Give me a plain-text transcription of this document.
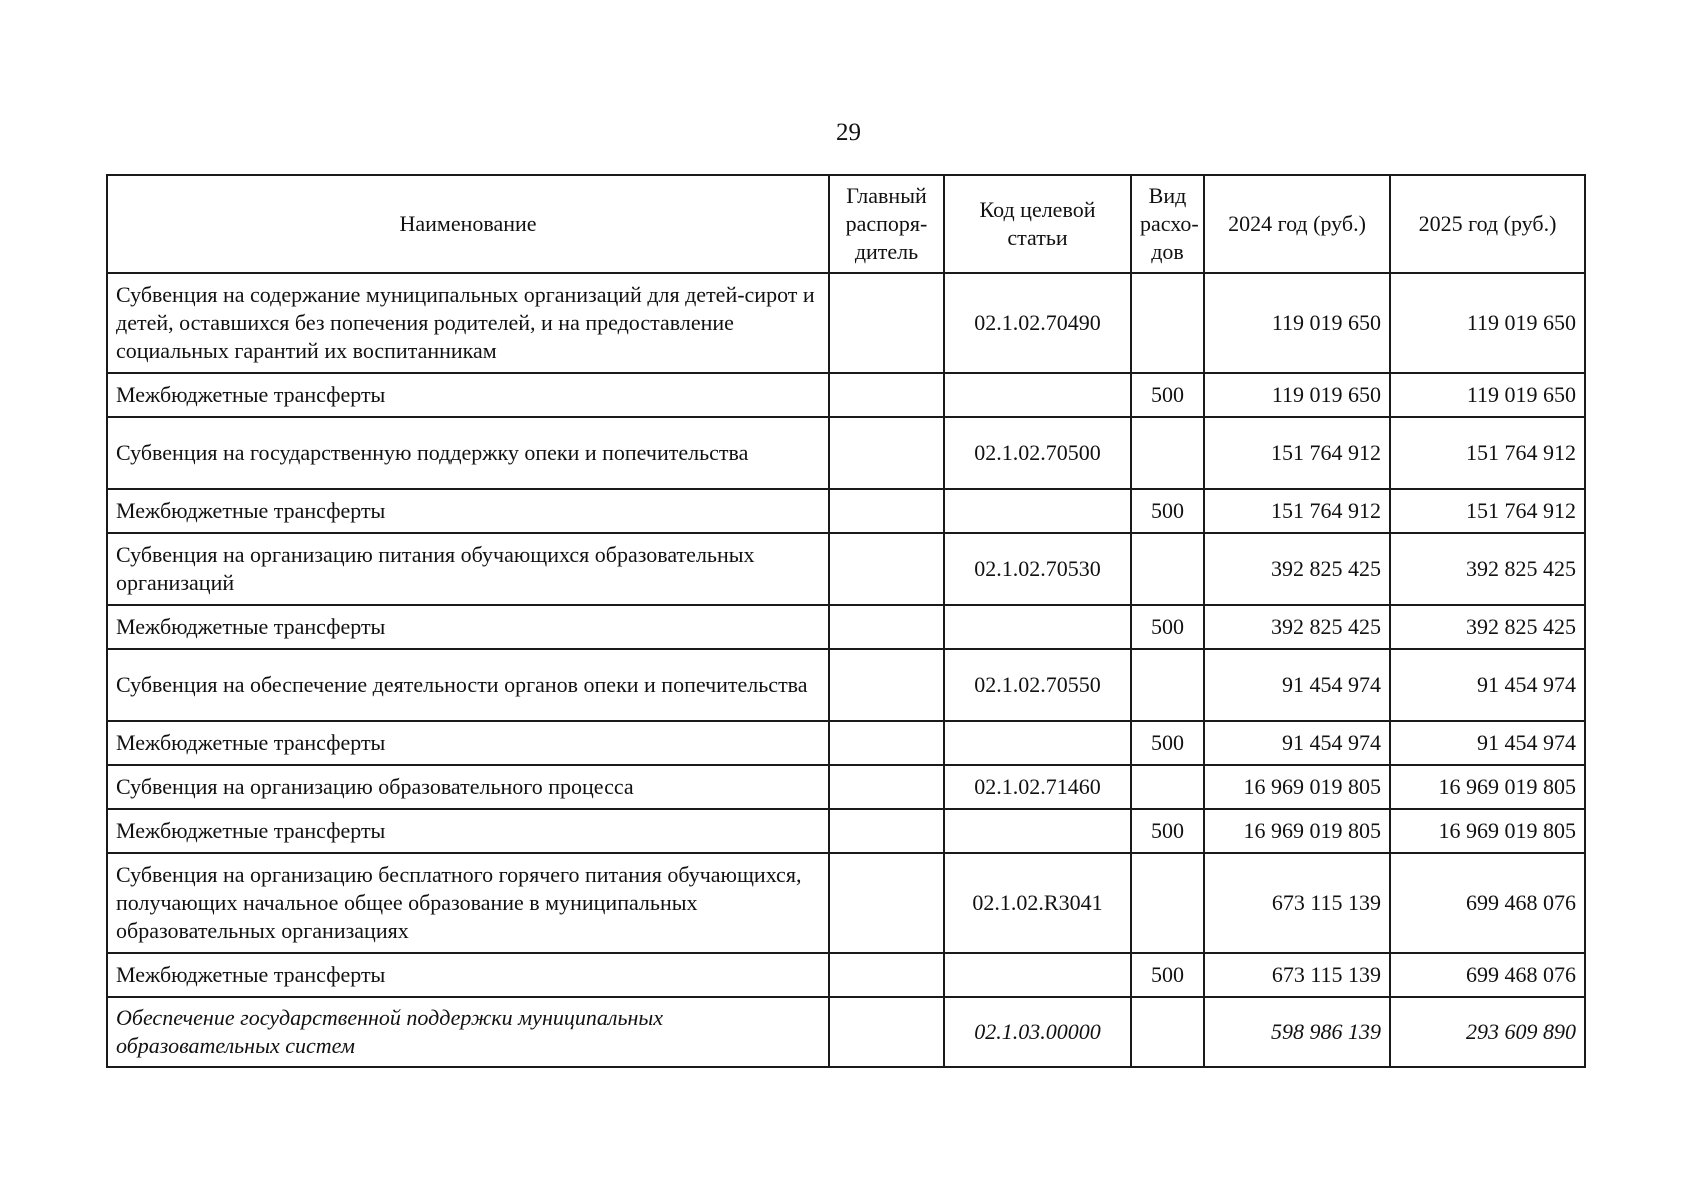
29
Наименование	Главный распоря-дитель	Код целевой статьи	Вид расхо-дов	2024 год (руб.)	2025 год (руб.)
Субвенция на содержание муниципальных организаций для детей-сирот и детей, оставшихся без попечения родителей, и на предоставление социальных гарантий их воспитанникам		02.1.02.70490		119 019 650	119 019 650
Межбюджетные трансферты			500	119 019 650	119 019 650
Субвенция на государственную поддержку опеки и попечительства		02.1.02.70500		151 764 912	151 764 912
Межбюджетные трансферты			500	151 764 912	151 764 912
Субвенция на организацию питания обучающихся образовательных организаций		02.1.02.70530		392 825 425	392 825 425
Межбюджетные трансферты			500	392 825 425	392 825 425
Субвенция на обеспечение деятельности органов опеки и попечительства		02.1.02.70550		91 454 974	91 454 974
Межбюджетные трансферты			500	91 454 974	91 454 974
Субвенция на организацию образовательного процесса		02.1.02.71460		16 969 019 805	16 969 019 805
Межбюджетные трансферты			500	16 969 019 805	16 969 019 805
Субвенция на организацию бесплатного горячего питания обучающихся, получающих начальное общее образование в муниципальных образовательных организациях		02.1.02.R3041		673 115 139	699 468 076
Межбюджетные трансферты			500	673 115 139	699 468 076
Обеспечение государственной поддержки муниципальных образовательных систем		02.1.03.00000		598 986 139	293 609 890
